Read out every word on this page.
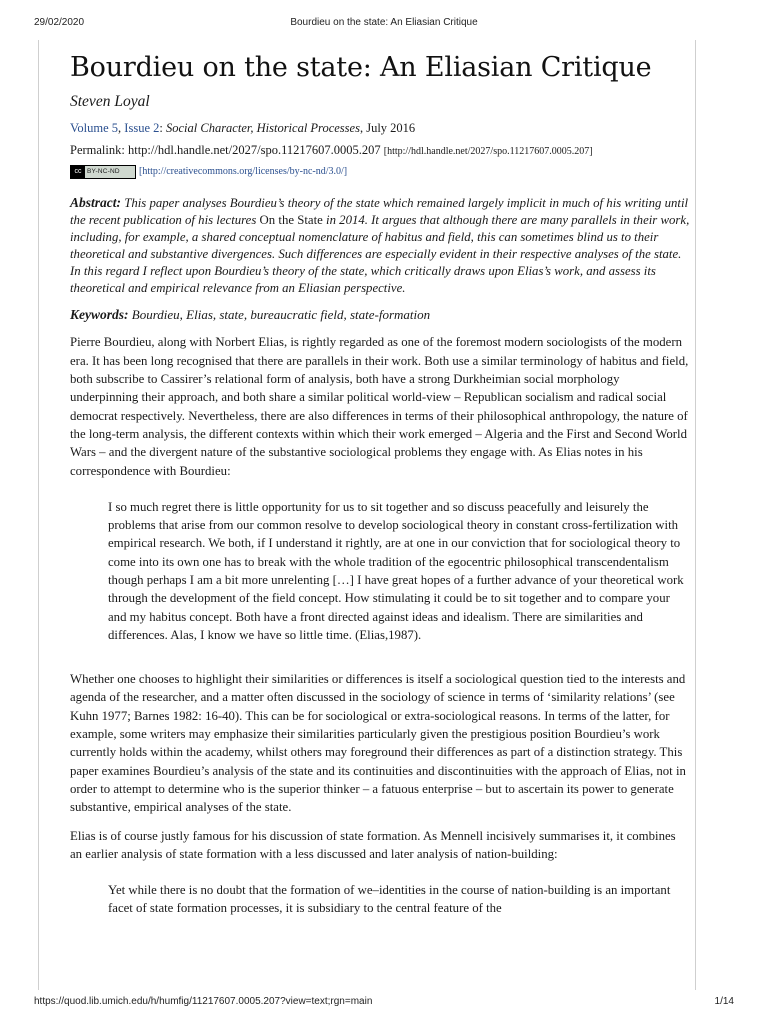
29/02/2020	Bourdieu on the state: An Eliasian Critique
Bourdieu on the state: An Eliasian Critique
Steven Loyal
Volume 5, Issue 2: Social Character, Historical Processes, July 2016
Permalink: http://hdl.handle.net/2027/spo.11217607.0005.207 [http://hdl.handle.net/2027/spo.11217607.0005.207]
cc BY-NC-ND [http://creativecommons.org/licenses/by-nc-nd/3.0/]
Abstract: This paper analyses Bourdieu’s theory of the state which remained largely implicit in much of his writing until the recent publication of his lectures On the State in 2014. It argues that although there are many parallels in their work, including, for example, a shared conceptual nomenclature of habitus and field, this can sometimes blind us to their theoretical and substantive divergences. Such differences are especially evident in their respective analyses of the state. In this regard I reflect upon Bourdieu’s theory of the state, which critically draws upon Elias’s work, and assess its theoretical and empirical relevance from an Eliasian perspective.
Keywords: Bourdieu, Elias, state, bureaucratic field, state-formation

Pierre Bourdieu, along with Norbert Elias, is rightly regarded as one of the foremost modern sociologists of the modern era. It has been long recognised that there are parallels in their work. Both use a similar terminology of habitus and field, both subscribe to Cassirer’s relational form of analysis, both have a strong Durkheimian social morphology underpinning their approach, and both share a similar political world-view – Republican socialism and radical social democrat respectively. Nevertheless, there are also differences in terms of their philosophical anthropology, the nature of the long-term analysis, the different contexts within which their work emerged – Algeria and the First and Second World Wars – and the divergent nature of the substantive sociological problems they engage with. As Elias notes in his correspondence with Bourdieu:

I so much regret there is little opportunity for us to sit together and so discuss peacefully and leisurely the problems that arise from our common resolve to develop sociological theory in constant cross-fertilization with empirical research. We both, if I understand it rightly, are at one in our conviction that for sociological theory to come into its own one has to break with the whole tradition of the egocentric philosophical transcendentalism though perhaps I am a bit more unrelenting […] I have great hopes of a further advance of your theoretical work through the development of the field concept. How stimulating it could be to sit together and to compare your and my habitus concept. Both have a front directed against ideas and idealism. There are similarities and differences. Alas, I know we have so little time. (Elias,1987).

Whether one chooses to highlight their similarities or differences is itself a sociological question tied to the interests and agenda of the researcher, and a matter often discussed in the sociology of science in terms of ‘similarity relations’ (see Kuhn 1977; Barnes 1982: 16-40). This can be for sociological or extra-sociological reasons. In terms of the latter, for example, some writers may emphasize their similarities particularly given the prestigious position Bourdieu’s work currently holds within the academy, whilst others may foreground their differences as part of a distinction strategy. This paper examines Bourdieu’s analysis of the state and its continuities and discontinuities with the approach of Elias, not in order to attempt to determine who is the superior thinker – a fatuous enterprise – but to ascertain its power to generate substantive, empirical analyses of the state.

Elias is of course justly famous for his discussion of state formation. As Mennell incisively summarises it, it combines an earlier analysis of state formation with a less discussed and later analysis of nation-building:

Yet while there is no doubt that the formation of we–identities in the course of nation-building is an important facet of state formation processes, it is subsidiary to the central feature of the
https://quod.lib.umich.edu/h/humfig/11217607.0005.207?view=text;rgn=main	1/14
